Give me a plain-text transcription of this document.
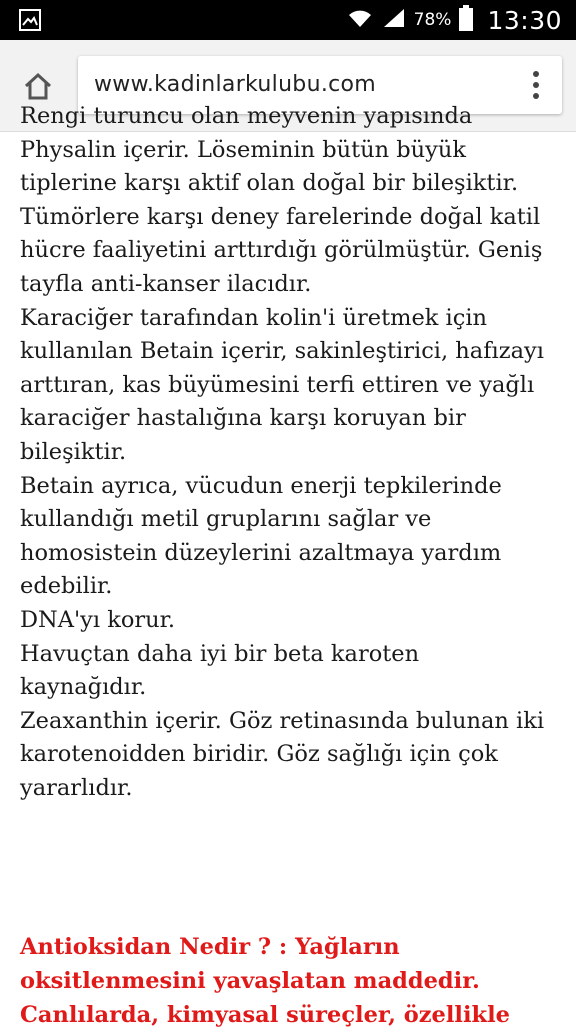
78% 13:30
www.kadinlarkulubu.com
Rengi turuncu olan meyvenin yapısında
Physalin içerir. Löseminin bütün büyük
tiplerine karşı aktif olan doğal bir bileşiktir.
Tümörlere karşı deney farelerinde doğal katil
hücre faaliyetini arttırdığı görülmüştür. Geniş
tayfla anti-kanser ilacıdır.
Karaciğer tarafından kolin'i üretmek için
kullanılan Betain içerir, sakinleştirici, hafızayı
arttıran, kas büyümesini terfi ettiren ve yağlı
karaciğer hastalığına karşı koruyan bir
bileşiktir.
Betain ayrıca, vücudun enerji tepkilerinde
kullandığı metil gruplarını sağlar ve
homosistein düzeylerini azaltmaya yardım
edebilir.
DNA'yı korur.
Havuçtan daha iyi bir beta karoten
kaynağıdır.
Zeaxanthin içerir. Göz retinasında bulunan iki
karotenoidden biridir. Göz sağlığı için çok
yararlıdır.
Antioksidan Nedir ? : Yağların
oksitlenmesini yavaşlatan maddedir.
Canlılarda, kimyasal süreçler, özellikle
